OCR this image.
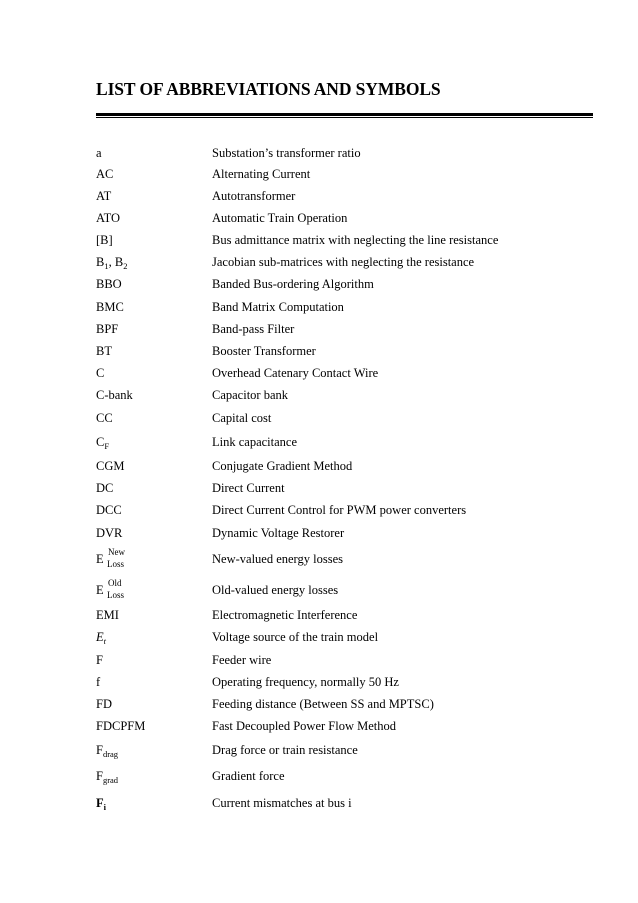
LIST OF ABBREVIATIONS AND SYMBOLS
a	Substation’s transformer ratio
AC	Alternating Current
AT	Autotransformer
ATO	Automatic Train Operation
[B]	Bus admittance matrix with neglecting the line resistance
$B_1$, $B_2$	Jacobian sub-matrices with neglecting the resistance
BBO	Banded Bus-ordering Algorithm
BMC	Band Matrix Computation
BPF	Band-pass Filter
BT	Booster Transformer
C	Overhead Catenary Contact Wire
C-bank	Capacitor bank
CC	Capital cost
$C_F$	Link capacitance
CGM	Conjugate Gradient Method
DC	Direct Current
DCC	Direct Current Control for PWM power converters
DVR	Dynamic Voltage Restorer
E New
Loss	New-valued energy losses
E Old
Loss	Old-valued energy losses
EMI	Electromagnetic Interference
$E_t$	Voltage source of the train model
F	Feeder wire
f	Operating frequency, normally 50 Hz
FD	Feeding distance (Between SS and MPTSC)
FDCPFM	Fast Decoupled Power Flow Method
$F_{drag}$	Drag force or train resistance
$F_{grad}$	Gradient force
$F_i$	Current mismatches at bus i
